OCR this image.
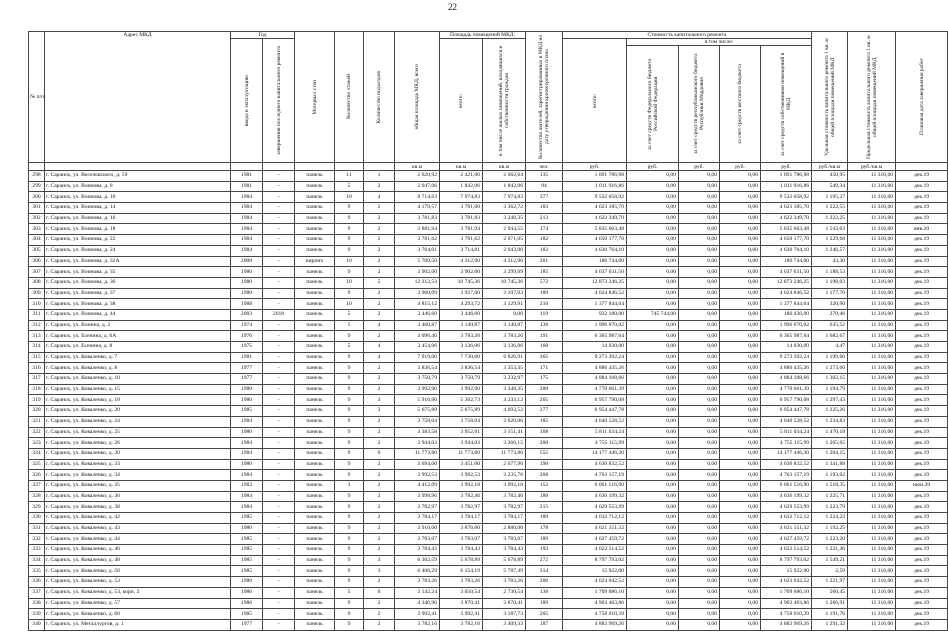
22
№ п/п	Адрес МКД	Год		Материал стен	Количество этажей	Количество подъездов	общая площадь МКД, всего	Площадь помещений МКД:		Количество жителей, зарегистрированных в МКД на дату утверждения краткосрочного плана	Стоимость капитального ремонта					Удельная стоимость капитального ремонта 1 кв. м общей площади помещений МКД	Предельная стоимость капитального ремонта 1 кв. м общей площади помещений МКД	Плановая дата завершения работ

		ввода в эксплуатацию	завершения последнего капитального ремонта					всего:	в том числе жилых помещений, находящихся в собственности граждан		всего:	в том числе:						

												за счет средств Федерального бюджета Российской Федерации	за счет средств республиканского бюджета Республики Мордовия	за счет средств местного бюджета	за счет средств собственников помещений в МКД			

							кв.м	кв.м	кв.м	чел.	руб.	руб.	руб.	руб.	руб.	руб./кв.м	руб./кв.м	
298	г. Саранск, ул. Веселовского, д. 59	1981	-	панель	11	1	2 620,92	2 421,06	2 062,64	135	1 091 786,98	0,00	0,00	0,00	1 091 786,98	450,95	11 316,00	дек.19
299	г. Саранск, ул. Воинова, д. 8	1981	-	панель	5	2	2 047,06	1 842,06	1 842,06	94	1 011 916,86	0,00	0,00	0,00	1 011 916,86	549,34	11 316,00	дек.19
300	г. Саранск, ул. Воинова, д. 10	1984	-	панель	10	4	8 714,63	7 974,83	7 974,83	377	9 532 058,92	0,00	0,00	0,00	9 532 058,92	1 195,27	11 316,00	дек.19
301	г. Саранск, ул. Воинова, д. 14	1984	-	панель	9	2	4 179,57	3 781,60	3 362,72	183	4 623 185,70	0,00	0,00	0,00	4 623 185,70	1 222,55	11 316,00	дек.19
302	г. Саранск, ул. Воинова, д. 16	1984	-	панель	9	2	3 781,83	3 781,83	3 248,35	213	4 622 349,70	0,00	0,00	0,00	4 622 349,70	1 222,25	11 316,00	дек.19
303	г. Саранск, ул. Воинова, д. 18	1984	-	панель	9	2	3 881,94	3 781,94	2 944,55	174	5 835 663,48	0,00	0,00	0,00	5 835 663,48	1 543,03	11 316,00	янв.20
304	г. Саранск, ул. Воинова, д. 22	1984	-	панель	9	2	3 781,62	3 781,62	2 071,05	182	4 650 177,70	0,00	0,00	0,00	4 650 177,70	1 229,68	11 316,00	дек.19
305	г. Саранск, ул. Воинова, д. 24	1984	-	панель	9	2	3 764,01	3 714,81	2 943,00	182	4 630 764,10	0,00	0,00	0,00	4 630 764,10	1 246,57	11 316,00	дек.19
306	г. Саранск, ул. Воинова, д. 32А	2008	-	кирпич	10	2	5 700,50	4 312,90	4 312,90	201	186 744,00	0,00	0,00	0,00	186 744,00	43,30	11 316,00	дек.19
307	г. Саранск, ул. Воинова, д. 35	1980	-	панель	9	2	3 902,00	3 902,00	3 299,69	185	4 637 631,50	0,00	0,00	0,00	4 637 631,50	1 188,53	11 316,00	дек.19
308	г. Саранск, ул. Воинова, д. 36	1980	-	панель	10	5	12 312,53	10 745,36	10 745,36	572	12 873 246,25	0,00	0,00	0,00	12 873 246,25	1 198,03	11 316,00	дек.19
309	г. Саранск, ул. Воинова, д. 37	1980	-	панель	9	2	3 960,09	3 927,00	3 107,03	189	4 624 846,52	0,00	0,00	0,00	4 624 846,52	1 177,70	11 316,00	дек.19
310	г. Саранск, ул. Воинова, д. 38	1988	-	панель	10	2	4 815,12	4 293,72	3 129,91	210	1 377 844,64	0,00	0,00	0,00	1 377 844,64	320,90	11 316,00	дек.19
311	г. Саранск, ул. Воинова, д. 44	2003	2018	панель	5	2	3 446,60	3 446,60	0,00	119	932 180,00	745 744,00	0,00	0,00	186 436,00	270,46	11 316,00	дек.19
312	г. Саранск, ул. Вонина, д. 2	1974	-	панель	5	4	3 460,87	3 140,87	3 140,87	138	1 996 070,02	0,00	0,00	0,00	1 996 070,02	635,52	11 316,00	дек.19
313	г. Саранск, ул. Есенина, д. 6А	1976	-	панель	9	2	4 096,46	3 783,26	3 783,26	191	6 365 987,64	0,00	0,00	0,00	6 365 987,64	1 682,67	11 316,00	дек.19
314	г. Саранск, ул. Есенина, д. 8	1975	-	панель	5	4	3 454,06	3 136,06	3 136,06	160	14 030,00	0,00	0,00	0,00	14 030,00	4,47	11 316,00	дек.19
315	г. Саранск, ул. Коваленко, д. 7	1981	-	панель	9	4	7 919,00	7 730,00	6 826,91	365	9 273 392,24	0,00	0,00	0,00	9 273 392,24	1 199,66	11 316,00	дек.19
316	г. Саранск, ул. Коваленко, д. 8	1977	-	панель	9	2	3 836,54	3 836,54	3 353,35	171	4 886 435,26	0,00	0,00	0,00	4 886 435,26	1 273,66	11 316,00	дек.19
317	г. Саранск, ул. Коваленко, д. 10	1977	-	панель	9	2	3 750,79	3 750,79	3 232,97	175	4 884 108,66	0,00	0,00	0,00	4 884 108,66	1 302,15	11 316,00	дек.19
318	г. Саранск, ул. Коваленко, д. 15	1980	-	панель	9	2	3 992,90	3 992,90	3 348,35	200	4 770 661,39	0,00	0,00	0,00	4 770 661,39	1 194,79	11 316,00	дек.19
319	г. Саранск, ул. Коваленко, д. 18	1980	-	панель	9	3	5 916,90	5 362,73	4 233,12	265	6 957 790,08	0,00	0,00	0,00	6 957 790,08	1 297,43	11 316,00	дек.19
320	г. Саранск, ул. Коваленко, д. 20	1985	-	панель	9	3	5 675,89	5 675,89	4 693,52	277	6 954 447,78	0,00	0,00	0,00	6 954 447,78	1 225,26	11 316,00	дек.19
321	г. Саранск, ул. Коваленко, д. 24	1984	-	панель	9	2	3 758,04	3 758,04	2 620,06	185	4 640 528,52	0,00	0,00	0,00	4 640 528,52	1 234,83	11 316,00	дек.19
322	г. Саранск, ул. Коваленко, д. 25	1980	-	панель	9	2	4 383,58	3 952,61	3 151,41	168	5 811 034,24	0,00	0,00	0,00	5 811 034,24	1 470,18	11 316,00	дек.19
323	г. Саранск, ул. Коваленко, д. 26	1984	-	панель	9	2	3 944,03	3 944,03	3 266,15	200	4 755 115,99	0,00	0,00	0,00	4 755 115,99	1 205,65	11 316,00	дек.19
324	г. Саранск, ул. Коваленко, д. 30	1984	-	панель	9	6	11 773,80	11 773,80	11 773,80	555	14 177 446,30	0,00	0,00	0,00	14 177 446,30	1 204,15	11 316,00	дек.19
325	г. Саранск, ул. Коваленко, д. 33	1980	-	панель	9	2	3 694,00	3 451,00	2 677,96	190	4 630 832,52	0,00	0,00	0,00	4 630 832,52	1 341,88	11 316,00	дек.19
326	г. Саранск, ул. Коваленко, д. 34	1984	-	панель	9	2	3 992,53	3 992,53	3 235,76	208	4 763 157,19	0,00	0,00	0,00	4 763 157,19	1 193,02	11 316,00	дек.19
327	г. Саранск, ул. Коваленко, д. 35	1983	-	панель	3	2	4 412,09	3 992,18	3 992,18	152	6 061 516,90	0,00	0,00	0,00	6 061 516,90	1 518,35	11 316,00	июн.20
328	г. Саранск, ул. Коваленко, д. 36	1984	-	панель	9	2	3 998,96	3 782,46	3 782,46	180	4 636 199,32	0,00	0,00	0,00	4 636 199,32	1 225,71	11 316,00	дек.19
329	г. Саранск, ул. Коваленко, д. 38	1984	-	панель	9	2	3 782,97	3 782,97	3 782,97	215	4 629 553,99	0,00	0,00	0,00	4 629 553,99	1 223,79	11 316,00	дек.19
330	г. Саранск, ул. Коваленко, д. 42	1985	-	панель	9	2	3 784,17	3 784,17	3 784,17	189	4 632 712,12	0,00	0,00	0,00	4 632 712,12	1 224,23	11 316,00	дек.19
331	г. Саранск, ул. Коваленко, д. 43	1980	-	панель	9	2	3 910,00	3 876,00	2 880,00	178	4 621 151,32	0,00	0,00	0,00	4 621 151,32	1 192,25	11 316,00	дек.19
332	г. Саранск, ул. Коваленко, д. 44	1985	-	панель	9	2	3 783,07	3 783,07	3 783,07	189	4 627 459,72	0,00	0,00	0,00	4 627 459,72	1 223,20	11 316,00	дек.19
333	г. Саранск, ул. Коваленко, д. 46	1985	-	панель	9	2	3 784,43	3 784,43	3 784,43	193	4 622 514,52	0,00	0,00	0,00	4 622 514,52	1 221,46	11 316,00	дек.19
334	г. Саранск, ул. Коваленко, д. 48	1985	-	панель	9	3	6 362,59	5 678,89	5 678,89	272	8 797 793,02	0,00	0,00	0,00	8 797 793,02	1 549,21	11 316,00	дек.19
335	г. Саранск, ул. Коваленко, д. 50	1985	-	панель	9	3	6 406,29	6 154,19	5 787,49	314	15 922,00	0,00	0,00	0,00	15 922,00	2,59	11 316,00	дек.19
336	г. Саранск, ул. Коваленко, д. 53	1986	-	панель	9	2	3 783,26	3 783,26	3 783,26	206	4 623 042,52	0,00	0,00	0,00	4 623 042,52	1 221,97	11 316,00	дек.19
337	г. Саранск, ул. Коваленко, д. 53, корп. 2	1986	-	панель	5	6	3 142,24	3 050,54	2 730,54	136	1 709 686,10	0,00	0,00	0,00	1 709 686,10	560,45	11 316,00	дек.19
338	г. Саранск, ул. Коваленко, д. 57	1986	-	панель	9	2	4 346,96	3 870,41	3 870,41	189	4 903 463,86	0,00	0,00	0,00	4 903 463,86	1 266,91	11 316,00	дек.19
339	г. Саранск, ул. Коваленко, д. 60	1985	-	панель	9	2	3 992,41	3 992,41	3 187,73	205	4 758 010,39	0,00	0,00	0,00	4 758 010,39	1 191,76	11 316,00	дек.19
340	г. Саранск, ул. Металлургов, д. 1	1977	-	панель	9	2	3 782,16	3 782,16	3 409,33	187	4 883 969,26	0,00	0,00	0,00	4 883 969,26	1 291,32	11 316,00	дек.19
